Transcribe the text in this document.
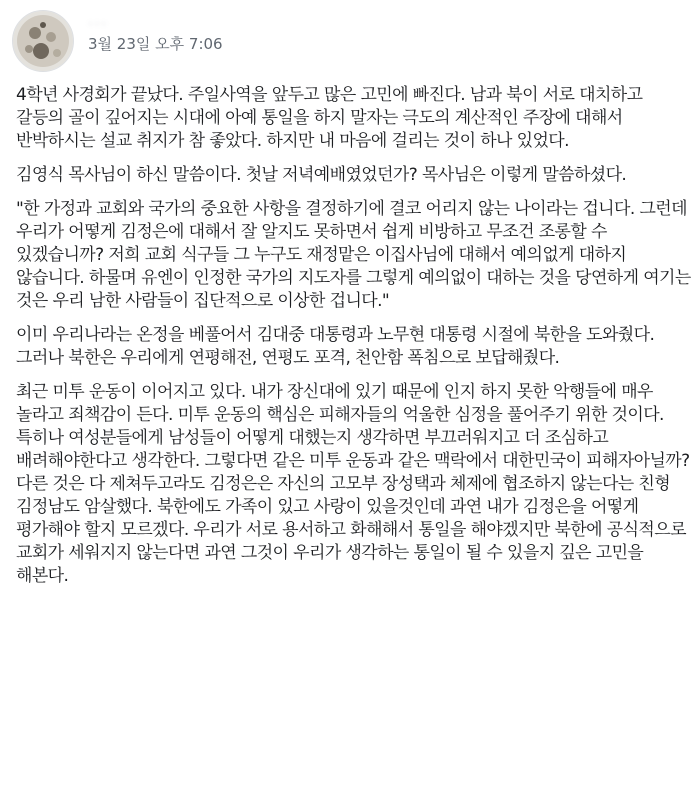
···
3월 23일 오후 7:06

4학년 사경회가 끝났다. 주일사역을 앞두고 많은 고민에 빠진다. 남과 북이 서로 대치하고 갈등의 골이 깊어지는 시대에 아예 통일을 하지 말자는 극도의 계산적인 주장에 대해서 반박하시는 설교 취지가 참 좋았다. 하지만 내 마음에 걸리는 것이 하나 있었다.

김영식 목사님이 하신 말씀이다. 첫날 저녁예배였었던가? 목사님은 이렇게 말씀하셨다.

"한 가정과 교회와 국가의 중요한 사항을 결정하기에 결코 어리지 않는 나이라는 겁니다. 그런데 우리가 어떻게 김정은에 대해서 잘 알지도 못하면서 쉽게 비방하고 무조건 조롱할 수 있겠습니까? 저희 교회 식구들 그 누구도 재정맡은 이집사님에 대해서 예의없게 대하지 않습니다. 하물며 유엔이 인정한 국가의 지도자를 그렇게 예의없이 대하는 것을 당연하게 여기는 것은 우리 남한 사람들이 집단적으로 이상한 겁니다."

이미 우리나라는 온정을 베풀어서 김대중 대통령과 노무현 대통령 시절에 북한을 도와줬다. 그러나 북한은 우리에게 연평해전, 연평도 포격, 천안함 폭침으로 보답해줬다.

최근 미투 운동이 이어지고 있다. 내가 장신대에 있기 때문에 인지 하지 못한 악행들에 매우 놀라고 죄책감이 든다. 미투 운동의 핵심은 피해자들의 억울한 심정을 풀어주기 위한 것이다. 특히나 여성분들에게 남성들이 어떻게 대했는지 생각하면 부끄러워지고 더 조심하고 배려해야한다고 생각한다. 그렇다면 같은 미투 운동과 같은 맥락에서 대한민국이 피해자아닐까? 다른 것은 다 제쳐두고라도 김정은은 자신의 고모부 장성택과 체제에 협조하지 않는다는 친형 김정남도 암살했다. 북한에도 가족이 있고 사랑이 있을것인데 과연 내가 김정은을 어떻게 평가해야 할지 모르겠다. 우리가 서로 용서하고 화해해서 통일을 해야겠지만 북한에 공식적으로 교회가 세워지지 않는다면 과연 그것이 우리가 생각하는 통일이 될 수 있을지 깊은 고민을 해본다.
